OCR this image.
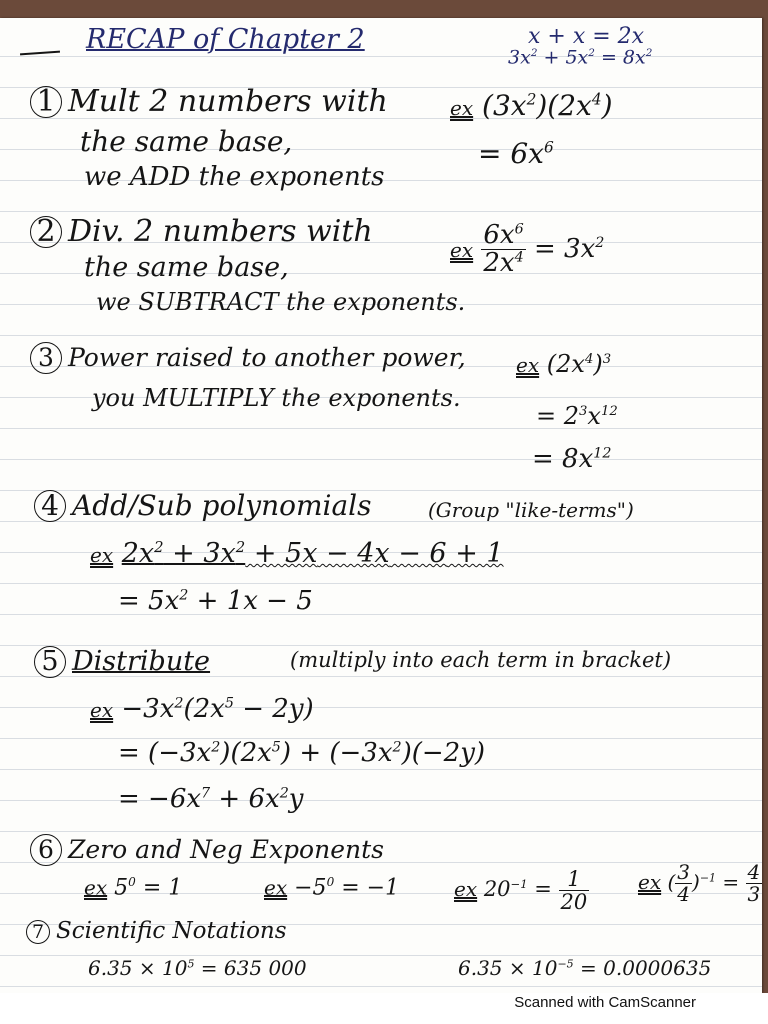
RECAP of Chapter 2	x + x = 2x

$3x^2 + 5x^2 = 8x^2$

1 Mult 2 numbers with

the same base,

we ADD the exponents

ex $(3x^2)(2x^4)$

= $6x^6$

2 Div. 2 numbers with

the same base,

we SUBTRACT the exponents.

ex $\frac{6x^6}{2x^4} = 3x^2$

3 Power raised to another power,

you MULTIPLY the exponents.

ex $(2x^4)^3$

= $2^3x^{12}$

= $8x^{12}$

4 Add/Sub polynomials	(Group "like-terms")

ex $2x^2 + 3x^2 + 5x - 4x - 6 + 1$

= $5x^2 + 1x - 5$

5 Distribute	(multiply into each term in bracket)

ex $-3x^2(2x^5 - 2y)$

= $(-3x^2)(2x^5) + (-3x^2)(-2y)$

= $-6x^7 + 6x^2y$

6 Zero and Neg Exponents

ex $5^0 = 1$	ex $-5^0 = -1$	ex $20^{-1} = \frac{1}{20}$ ex ( $\frac{3}{4} )^{-1} = \frac{4}{3}$

7 Scientific Notations

$6.35 \times 10^5 = 635$ 000	$6.35 \times 10^{-5} = 0.0000635$

Scanned with CamScanner
